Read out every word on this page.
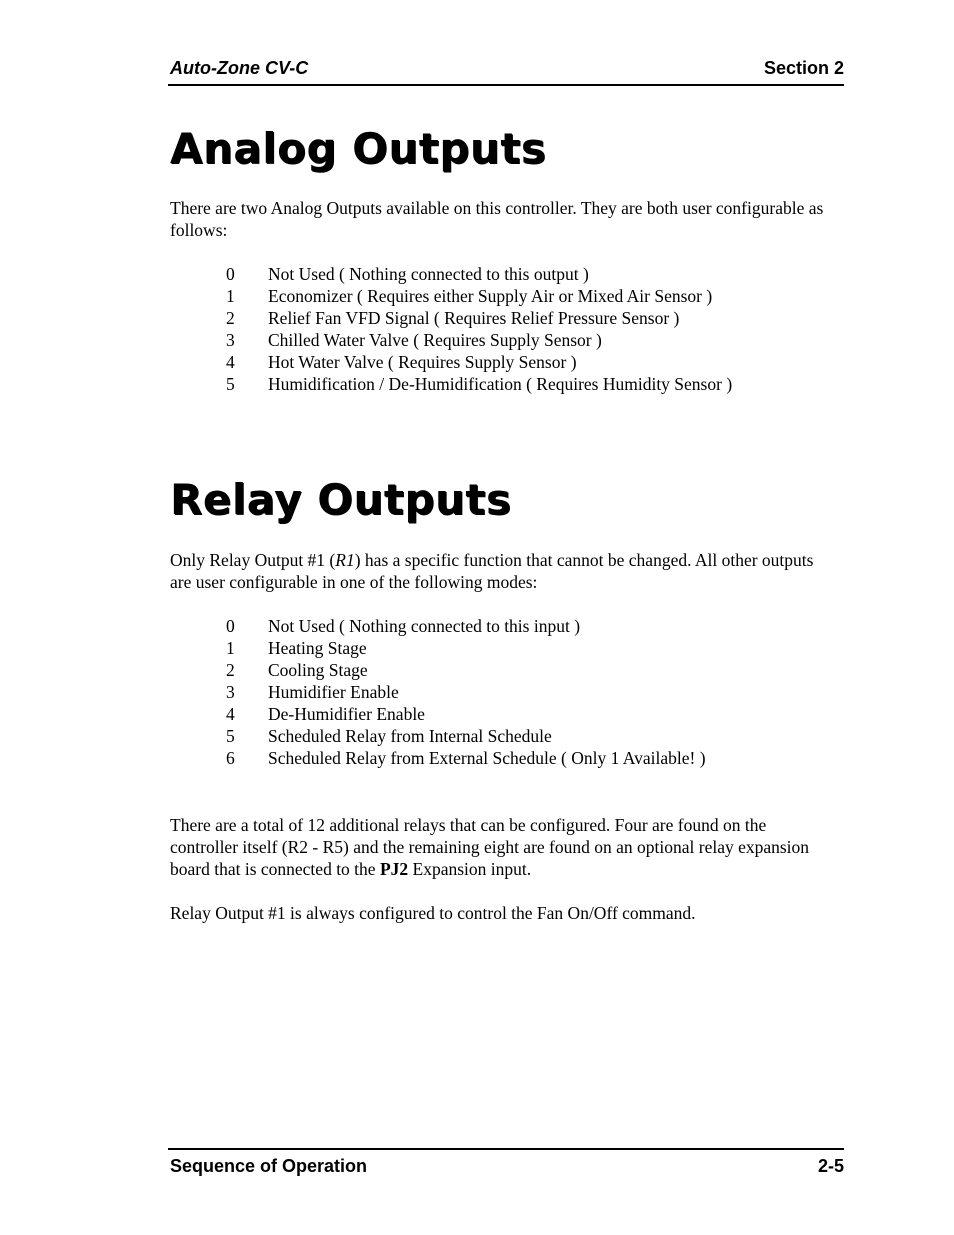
Auto-Zone CV-C	Section 2
Analog Outputs

There are two Analog Outputs available on this controller. They are both user configurable as follows:

0 Not Used ( Nothing connected to this output )
1 Economizer ( Requires either Supply Air or Mixed Air Sensor )
2 Relief Fan VFD Signal ( Requires Relief Pressure Sensor )
3 Chilled Water Valve ( Requires Supply Sensor )
4 Hot Water Valve ( Requires Supply Sensor )
5 Humidification / De-Humidification ( Requires Humidity Sensor )
Relay Outputs

Only Relay Output #1 (R1) has a specific function that cannot be changed. All other outputs are user configurable in one of the following modes:

0 Not Used ( Nothing connected to this input )
1 Heating Stage
2 Cooling Stage
3 Humidifier Enable
4 De-Humidifier Enable
5 Scheduled Relay from Internal Schedule
6 Scheduled Relay from External Schedule ( Only 1 Available! )

There are a total of 12 additional relays that can be configured. Four are found on the controller itself (R2 - R5) and the remaining eight are found on an optional relay expansion board that is connected to the PJ2 Expansion input.

Relay Output #1 is always configured to control the Fan On/Off command.

Sequence of Operation	2-5
